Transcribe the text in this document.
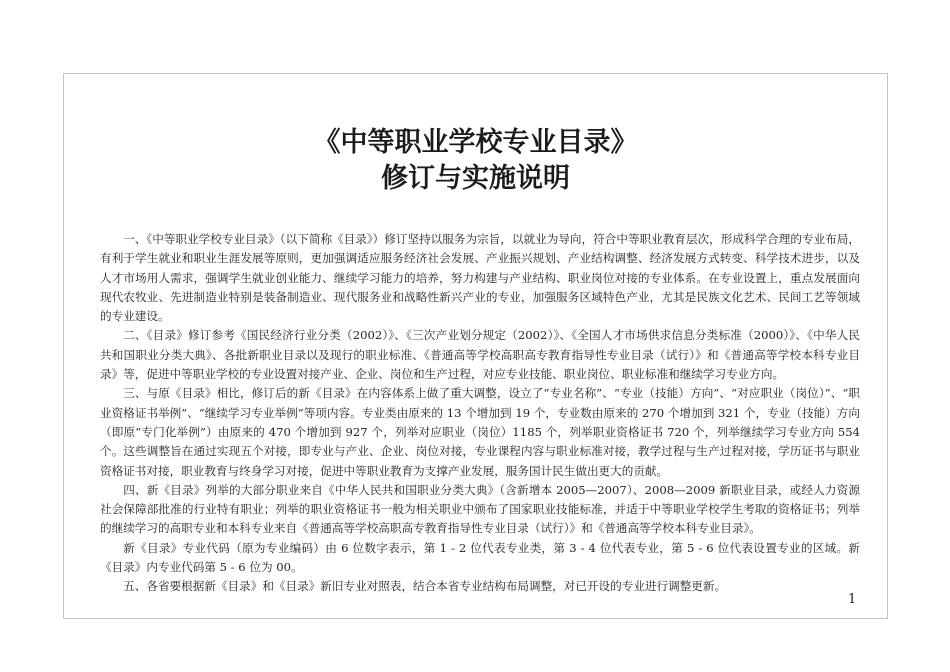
《中等职业学校专业目录》
修订与实施说明

一、《中等职业学校专业目录》（以下简称《目录》）修订坚持以服务为宗旨，以就业为导向，符合中等职业教育层次，形成科学合理的专业布局，有利于学生就业和职业生涯发展等原则，更加强调适应服务经济社会发展、产业振兴规划、产业结构调整、经济发展方式转变、科学技术进步，以及人才市场用人需求，强调学生就业创业能力、继续学习能力的培养，努力构建与产业结构、职业岗位对接的专业体系。在专业设置上，重点发展面向现代农牧业、先进制造业特别是装备制造业、现代服务业和战略性新兴产业的专业，加强服务区域特色产业，尤其是民族文化艺术、民间工艺等领域的专业建设。

二、《目录》修订参考《国民经济行业分类（2002）》、《三次产业划分规定（2002）》、《全国人才市场供求信息分类标准（2000）》、《中华人民共和国职业分类大典》、各批新职业目录以及现行的职业标准、《普通高等学校高职高专教育指导性专业目录（试行）》和《普通高等学校本科专业目录》等，促进中等职业学校的专业设置对接产业、企业、岗位和生产过程，对应专业技能、职业岗位、职业标准和继续学习专业方向。

三、与原《目录》相比，修订后的新《目录》在内容体系上做了重大调整，设立了“专业名称”、“专业（技能）方向”、“对应职业（岗位）”、“职业资格证书举例”、“继续学习专业举例”等项内容。专业类由原来的 13 个增加到 19 个，专业数由原来的 270 个增加到 321 个，专业（技能）方向（即原“专门化举例”）由原来的 470 个增加到 927 个，列举对应职业（岗位）1185 个，列举职业资格证书 720 个，列举继续学习专业方向 554 个。这些调整旨在通过实现五个对接，即专业与产业、企业、岗位对接，专业课程内容与职业标准对接，教学过程与生产过程对接，学历证书与职业资格证书对接，职业教育与终身学习对接，促进中等职业教育为支撑产业发展，服务国计民生做出更大的贡献。

四、新《目录》列举的大部分职业来自《中华人民共和国职业分类大典》（含新增本 2005—2007）、2008—2009 新职业目录，或经人力资源社会保障部批准的行业特有职业；列举的职业资格证书一般为相关职业中颁布了国家职业技能标准，并适于中等职业学校学生考取的资格证书；列举的继续学习的高职专业和本科专业来自《普通高等学校高职高专教育指导性专业目录（试行）》和《普通高等学校本科专业目录》。

新《目录》专业代码（原为专业编码）由 6 位数字表示，第 1 - 2 位代表专业类，第 3 - 4 位代表专业，第 5 - 6 位代表设置专业的区域。新《目录》内专业代码第 5 - 6 位为 00。

五、各省要根据新《目录》和《目录》新旧专业对照表，结合本省专业结构布局调整，对已开设的专业进行调整更新。

1
